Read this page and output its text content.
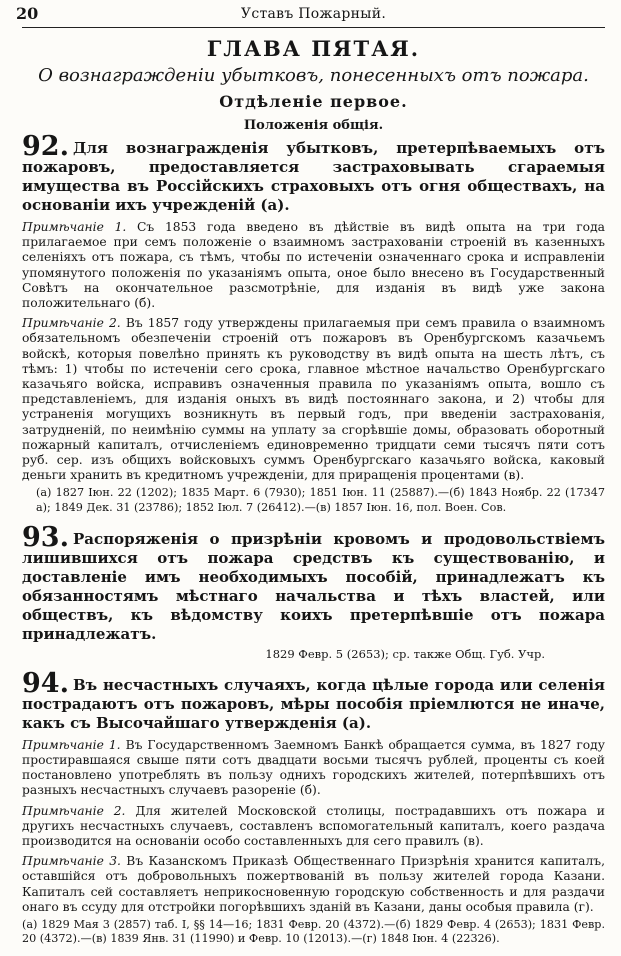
20	Уставъ Пожарный.
ГЛАВА ПЯТАЯ.
О вознагражденіи убытковъ, понесенныхъ отъ пожара.
Отдѣленіе первое.
Положенія общія.
92. Для вознагражденія убытковъ, претерпѣваемыхъ отъ пожаровъ, предоставляется застраховывать сгараемыя имущества въ Россійскихъ страховыхъ отъ огня обществахъ, на основаніи ихъ учрежденій (а).
Примѣчаніе 1. Съ 1853 года введено въ дѣйствіе въ видѣ опыта на три года прилагаемое при семъ положеніе о взаимномъ застрахованіи строеній въ казенныхъ селеніяхъ отъ пожара, съ тѣмъ, чтобы по истеченіи означеннаго срока и исправленіи упомянутого положенія по указаніямъ опыта, оное было внесено въ Государственный Совѣтъ на окончательное разсмотрѣніе, для изданія въ видѣ уже закона положительнаго (б).
Примѣчаніе 2. Въ 1857 году утверждены прилагаемыя при семъ правила о взаимномъ обязательномъ обезпеченіи строеній отъ пожаровъ въ Оренбургскомъ казачьемъ войскѣ, которыя повелѣно принять къ руководству въ видѣ опыта на шесть лѣтъ, съ тѣмъ: 1) чтобы по истеченіи сего срока, главное мѣстное начальство Оренбургскаго казачьяго войска, исправивъ означенныя правила по указаніямъ опыта, вошло съ представленіемъ, для изданія оныхъ въ видѣ постояннаго закона, и 2) чтобы для устраненія могущихъ возникнуть въ первый годъ, при введеніи застрахованія, затрудненій, по неимѣнію суммы на уплату за сгорѣвшіе домы, образовать оборотный пожарный капиталъ, отчисленіемъ единовременно тридцати семи тысячъ пяти сотъ руб. сер. изъ общихъ войсковыхъ суммъ Оренбургскаго казачьяго войска, каковый деньги хранить въ кредитномъ учрежденіи, для приращенія процентами (в).
(а) 1827 Іюн. 22 (1202); 1835 Март. 6 (7930); 1851 Іюн. 11 (25887).—(б) 1843 Ноябр. 22 (17347 а); 1849 Дек. 31 (23786); 1852 Іюл. 7 (26412).—(в) 1857 Іюн. 16, пол. Воен. Сов.
93. Распоряженія о призрѣніи кровомъ и продовольствіемъ лишившихся отъ пожара средствъ къ существованію, и доставленіе имъ необходимыхъ пособій, принадлежатъ къ обязанностямъ мѣстнаго начальства и тѣхъ властей, или обществъ, къ вѣдомству коихъ претерпѣвшіе отъ пожара принадлежатъ.
1829 Февр. 5 (2653); ср. также Общ. Губ. Учр.
94. Въ несчастныхъ случаяхъ, когда цѣлые города или селенія пострадаютъ отъ пожаровъ, мѣры пособія пріемлются не иначе, какъ съ Высочайшаго утвержденія (а).
Примѣчаніе 1. Въ Государственномъ Заемномъ Банкѣ обращается сумма, въ 1827 году простиравшаяся свыше пяти сотъ двадцати восьми тысячъ рублей, проценты съ коей постановлено употреблять въ пользу однихъ городскихъ жителей, потерпѣвшихъ отъ разныхъ несчастныхъ случаевъ разореніе (б).
Примѣчаніе 2. Для жителей Московской столицы, пострадавшихъ отъ пожара и другихъ несчастныхъ случаевъ, составленъ вспомогательный капиталъ, коего раздача производится на основаніи особо составленныхъ для сего правилъ (в).
Примѣчаніе 3. Въ Казанскомъ Приказѣ Общественнаго Призрѣнія хранится капиталъ, оставшійся отъ добровольныхъ пожертвованій въ пользу жителей города Казани. Капиталъ сей составляетъ неприкосновенную городскую собственность и для раздачи онаго въ ссуду для отстройки погорѣвшихъ зданій въ Казани, даны особыя правила (г).
(а) 1829 Мая 3 (2857) таб. I, §§ 14—16; 1831 Февр. 20 (4372).—(б) 1829 Февр. 4 (2653); 1831 Февр. 20 (4372).—(в) 1839 Янв. 31 (11990) и Февр. 10 (12013).—(г) 1848 Іюн. 4 (22326).
